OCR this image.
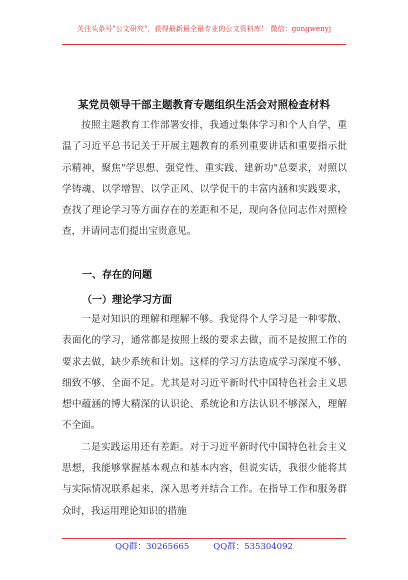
关注头条号"公文研究"，获得最新最全最专业的公文资料库！ 微信：gongwenyj
某党员领导干部主题教育专题组织生活会对照检查材料

按照主题教育工作部署安排，我通过集体学习和个人自学，重温了习近平总书记关于开展主题教育的系列重要讲话和重要指示批示精神，聚焦"学思想、强党性、重实践、建新功"总要求，对照以学铸魂、以学增智、以学正风、以学促干的丰富内涵和实践要求，查找了理论学习等方面存在的差距和不足，现向各位同志作对照检查，并请同志们提出宝贵意见。

一、存在的问题
（一）理论学习方面

一是对知识的理解和理解不够。我觉得个人学习是一种零散、表面化的学习，通常都是按照上级的要求去做，而不是按照工作的要求去做，缺少系统和计划。这样的学习方法造成学习深度不够、细致不够、全面不足。尤其是对习近平新时代中国特色社会主义思想中蕴涵的博大精深的认识论、系统论和方法认识不够深入，理解不全面。

二是实践运用还有差距。对于习近平新时代中国特色社会主义思想，我能够掌握基本观点和基本内容，但说实话，我很少能将其与实际情况联系起来，深入思考并结合工作。在指导工作和服务群众时，我运用理论知识的措施

QQ群：30265665	QQ群：535304092
